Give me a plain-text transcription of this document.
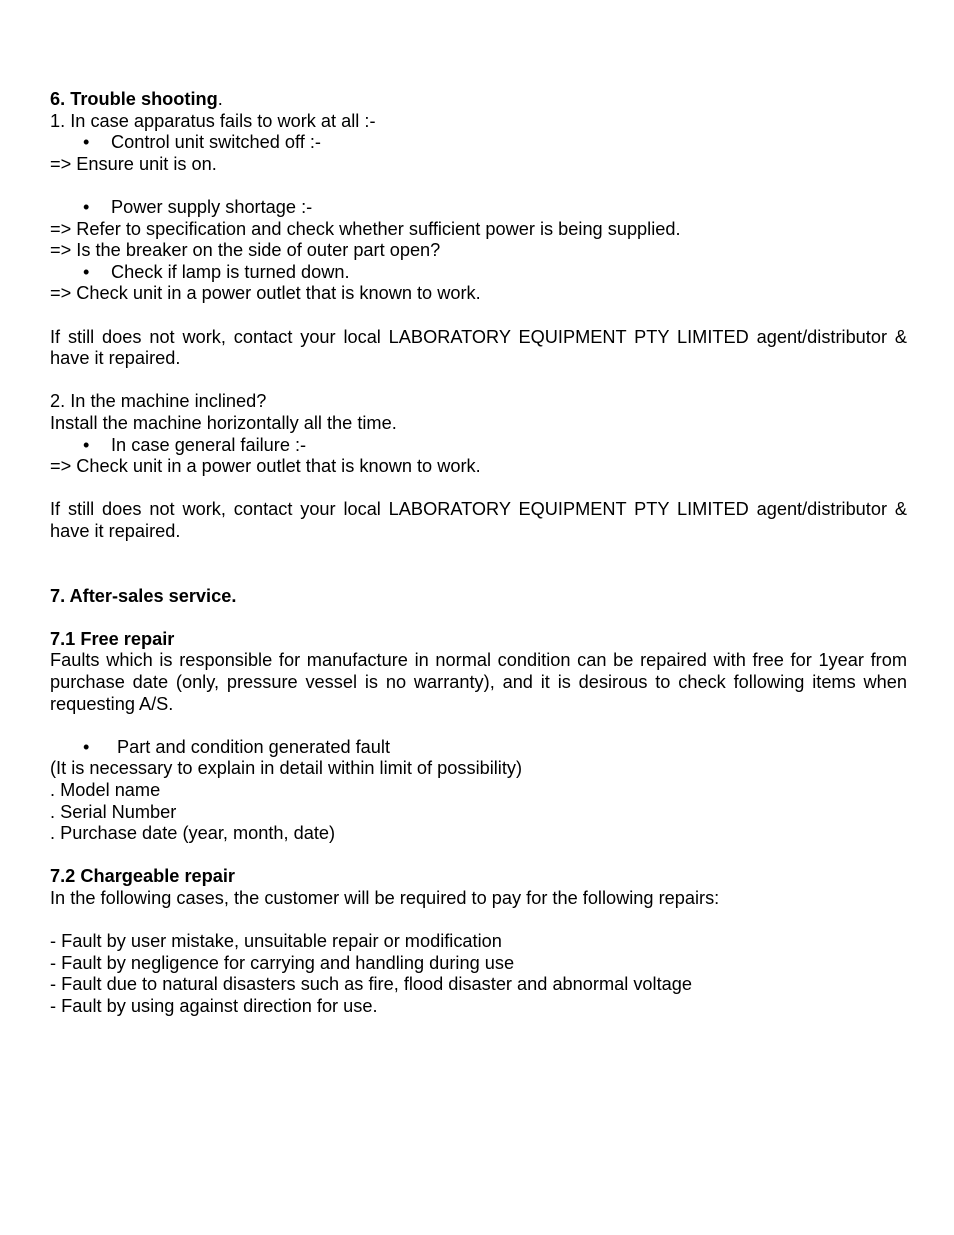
6. Trouble shooting.
1. In case apparatus fails to work at all :-
• Control unit switched off :-
=> Ensure unit is on.
• Power supply shortage :-
=> Refer to specification and check whether sufficient power is being supplied.
=> Is the breaker on the side of outer part open?
• Check if lamp is turned down.
=> Check unit in a power outlet that is known to work.
If still does not work, contact your local LABORATORY EQUIPMENT PTY LIMITED agent/distributor & have it repaired.
2. In the machine inclined?
Install the machine horizontally all the time.
• In case general failure :-
=> Check unit in a power outlet that is known to work.
If still does not work, contact your local LABORATORY EQUIPMENT PTY LIMITED agent/distributor & have it repaired.
7. After-sales service.
7.1 Free repair
Faults which is responsible for manufacture in normal condition can be repaired with free for 1year from purchase date (only, pressure vessel is no warranty), and it is desirous to check following items when requesting A/S.
• Part and condition generated fault
(It is necessary to explain in detail within limit of possibility)
. Model name
. Serial Number
. Purchase date (year, month, date)
7.2 Chargeable repair
In the following cases, the customer will be required to pay for the following repairs:
- Fault by user mistake, unsuitable repair or modification
- Fault by negligence for carrying and handling during use
- Fault due to natural disasters such as fire, flood disaster and abnormal voltage
- Fault by using against direction for use.
